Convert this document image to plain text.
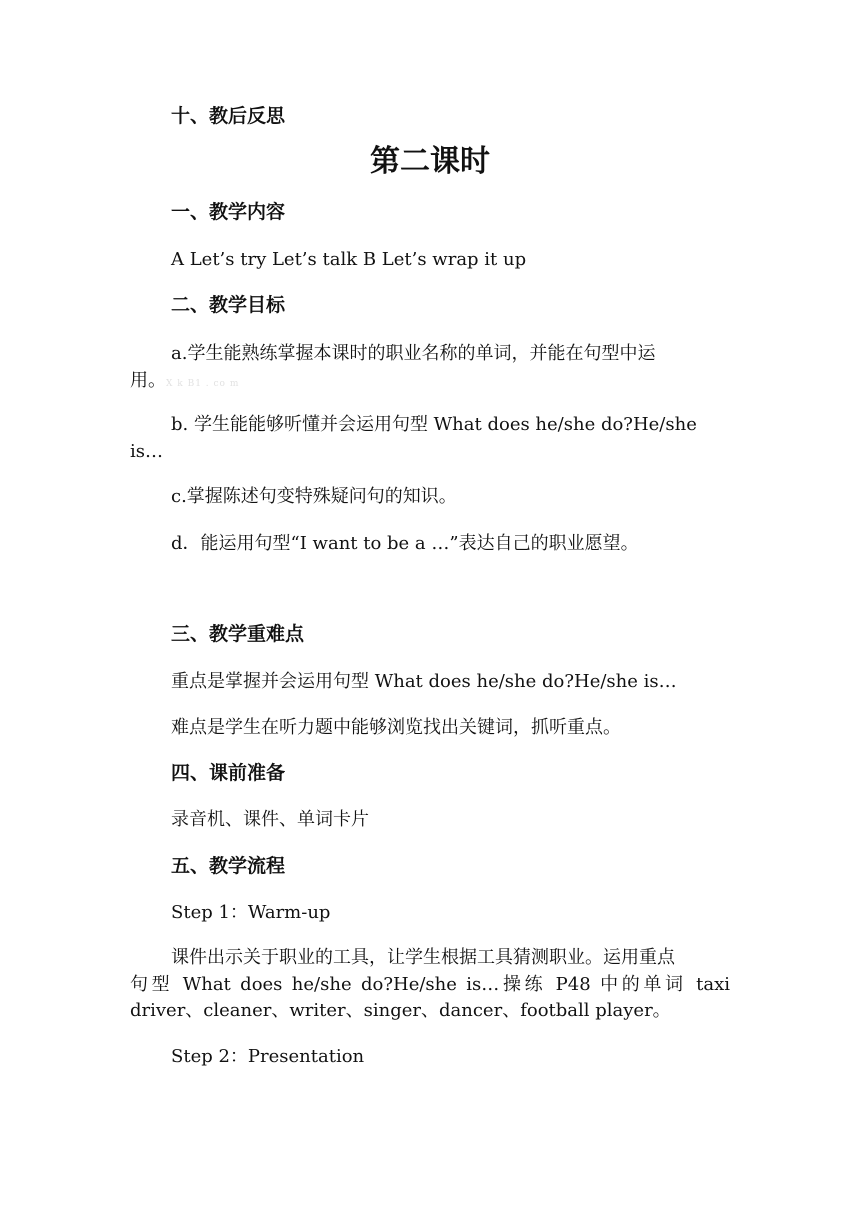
十、教后反思
第二课时
一、教学内容
A Let’s try Let’s talk B Let’s wrap it up
二、教学目标
a.学生能熟练掌握本课时的职业名称的单词，并能在句型中运
用。X k B1 . co m
b. 学生能能够听懂并会运用句型 What does he/she do?He/she
is…
c.掌握陈述句变特殊疑问句的知识。
d．能运用句型“I want to be a …”表达自己的职业愿望。
三、教学重难点
重点是掌握并会运用句型 What does he/she do?He/she is…
难点是学生在听力题中能够浏览找出关键词，抓听重点。
四、课前准备
录音机、课件、单词卡片
五、教学流程
Step 1：Warm-up
课件出示关于职业的工具，让学生根据工具猜测职业。运用重点
句型 What does he/she do?He/she is…操练 P48 中的单词 taxi
driver、cleaner、writer、singer、dancer、football player。
Step 2：Presentation
